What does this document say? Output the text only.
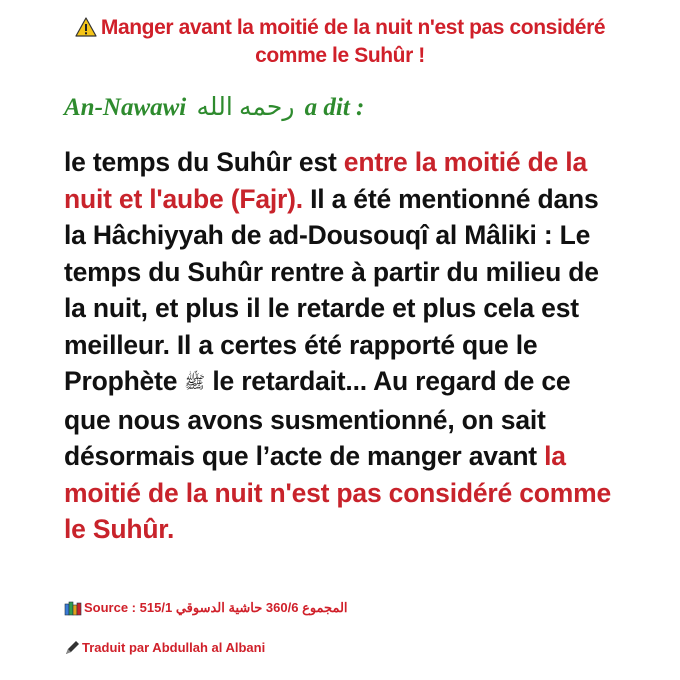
Manger avant la moitié de la nuit n'est pas considéré
comme le Suhûr !
An-Nawawi رحمه الله a dit :
le temps du Suhûr est entre la moitié de la nuit et l'aube (Fajr). Il a été mentionné dans la Hâchiyyah de ad-Dousouqî al Mâliki : Le temps du Suhûr rentre à partir du milieu de la nuit, et plus il le retarde et plus cela est meilleur. Il a certes été rapporté que le Prophète ﷺ le retardait... Au regard de ce que nous avons susmentionné, on sait désormais que l’acte de manger avant la moitié de la nuit n'est pas considéré comme le Suhûr.
Source : 515/1 حاشية الدسوقي 360/6 المجموع
Traduit par Abdullah al Albani
